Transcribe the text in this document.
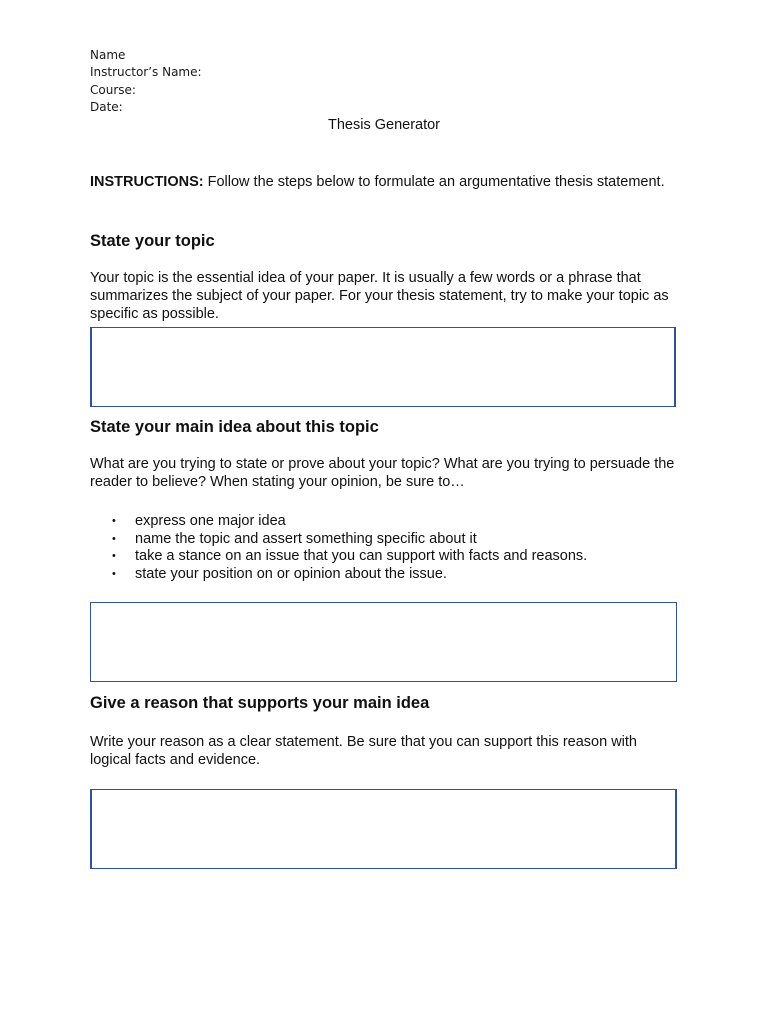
Name
Instructor’s Name:
Course:
Date:
Thesis Generator
INSTRUCTIONS: Follow the steps below to formulate an argumentative thesis statement.
State your topic
Your topic is the essential idea of your paper. It is usually a few words or a phrase that summarizes the subject of your paper. For your thesis statement, try to make your topic as specific as possible.
State your main idea about this topic
What are you trying to state or prove about your topic? What are you trying to persuade the reader to believe? When stating your opinion, be sure to…
• express one major idea
• name the topic and assert something specific about it
• take a stance on an issue that you can support with facts and reasons.
• state your position on or opinion about the issue.
Give a reason that supports your main idea
Write your reason as a clear statement. Be sure that you can support this reason with logical facts and evidence.
